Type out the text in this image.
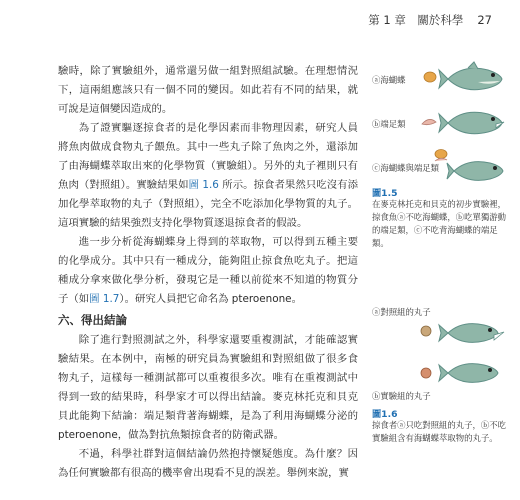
第 1 章　關於科學 27

驗時，除了實驗組外，通常還另做一組對照組試驗。在理想情況下，這兩組應該只有一個不同的變因。如此若有不同的結果，就可說是這個變因造成的。

為了證實驅逐掠食者的是化學因素而非物理因素，研究人員將魚肉做成食物丸子餵魚。其中一些丸子除了魚肉之外，還添加了由海蝴蝶萃取出來的化學物質（實驗組）。另外的丸子裡則只有魚肉（對照組）。實驗結果如圖 1.6 所示。掠食者果然只吃沒有添加化學萃取物的丸子（對照組），完全不吃添加化學物質的丸子。這項實驗的結果強烈支持化學物質逐退掠食者的假設。

進一步分析從海蝴蝶身上得到的萃取物，可以得到五種主要的化學成分。其中只有一種成分，能夠阻止掠食魚吃丸子。把這種成分拿來做化學分析，發現它是一種以前從來不知道的物質分子（如圖 1.7）。研究人員把它命名為 pteroenone。

六、得出結論

除了進行對照測試之外，科學家還要重複測試，才能確認實驗結果。在本例中，南極的研究員為實驗組和對照組做了很多食物丸子，這樣每一種測試都可以重複很多次。唯有在重複測試中得到一致的結果時，科學家才可以得出結論。麥克林托克和貝克貝此能夠下結論：端足類背著海蝴蝶，是為了利用海蝴蝶分泌的 pteroenone，做為對抗魚類掠食者的防衛武器。

不過，科學社群對這個結論仍然抱持懷疑態度。為什麼？因為任何實驗都有很高的機率會出現看不見的誤差。舉例來說，實

ⓐ海蝴蝶
ⓑ端足類
ⓒ海蝴蝶與端足類
圖1.5
在麥克林托克和貝克的初步實驗裡，掠食魚ⓐ不吃海蝴蝶，ⓑ吃單獨游動的端足類，ⓒ不吃背海蝴蝶的端足類。
ⓐ對照組的丸子
ⓑ實驗組的丸子
圖1.6
掠食者ⓐ只吃對照組的丸子，ⓑ不吃實驗組含有海蝴蝶萃取物的丸子。
